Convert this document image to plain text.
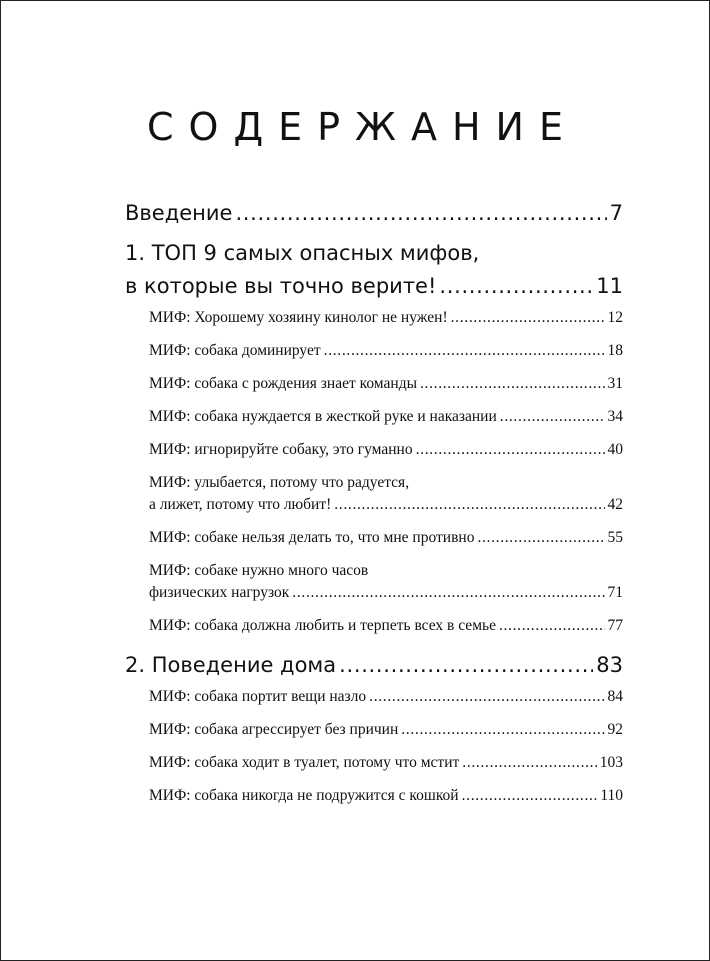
СОДЕРЖАНИЕ
Введение . . .	7
1. ТОП 9 самых опасных мифов,
в которые вы точно верите! . . .	11
МИФ: Хорошему хозяину кинолог не нужен! . . .	12
МИФ: собака доминирует . . .	18
МИФ: собака с рождения знает команды . . .	31
МИФ: собака нуждается в жесткой руке и наказании . . .	34
МИФ: игнорируйте собаку, это гуманно . . .	40
МИФ: улыбается, потому что радуется,
а лижет, потому что любит! . . .	42
МИФ: собаке нельзя делать то, что мне противно . . .	55
МИФ: собаке нужно много часов
физических нагрузок . . .	71
МИФ: собака должна любить и терпеть всех в семье . . .	77
2. Поведение дома . . .	83
МИФ: собака портит вещи назло . . .	84
МИФ: собака агрессирует без причин . . .	92
МИФ: собака ходит в туалет, потому что мстит . . .	103
МИФ: собака никогда не подружится с кошкой . . .	110
